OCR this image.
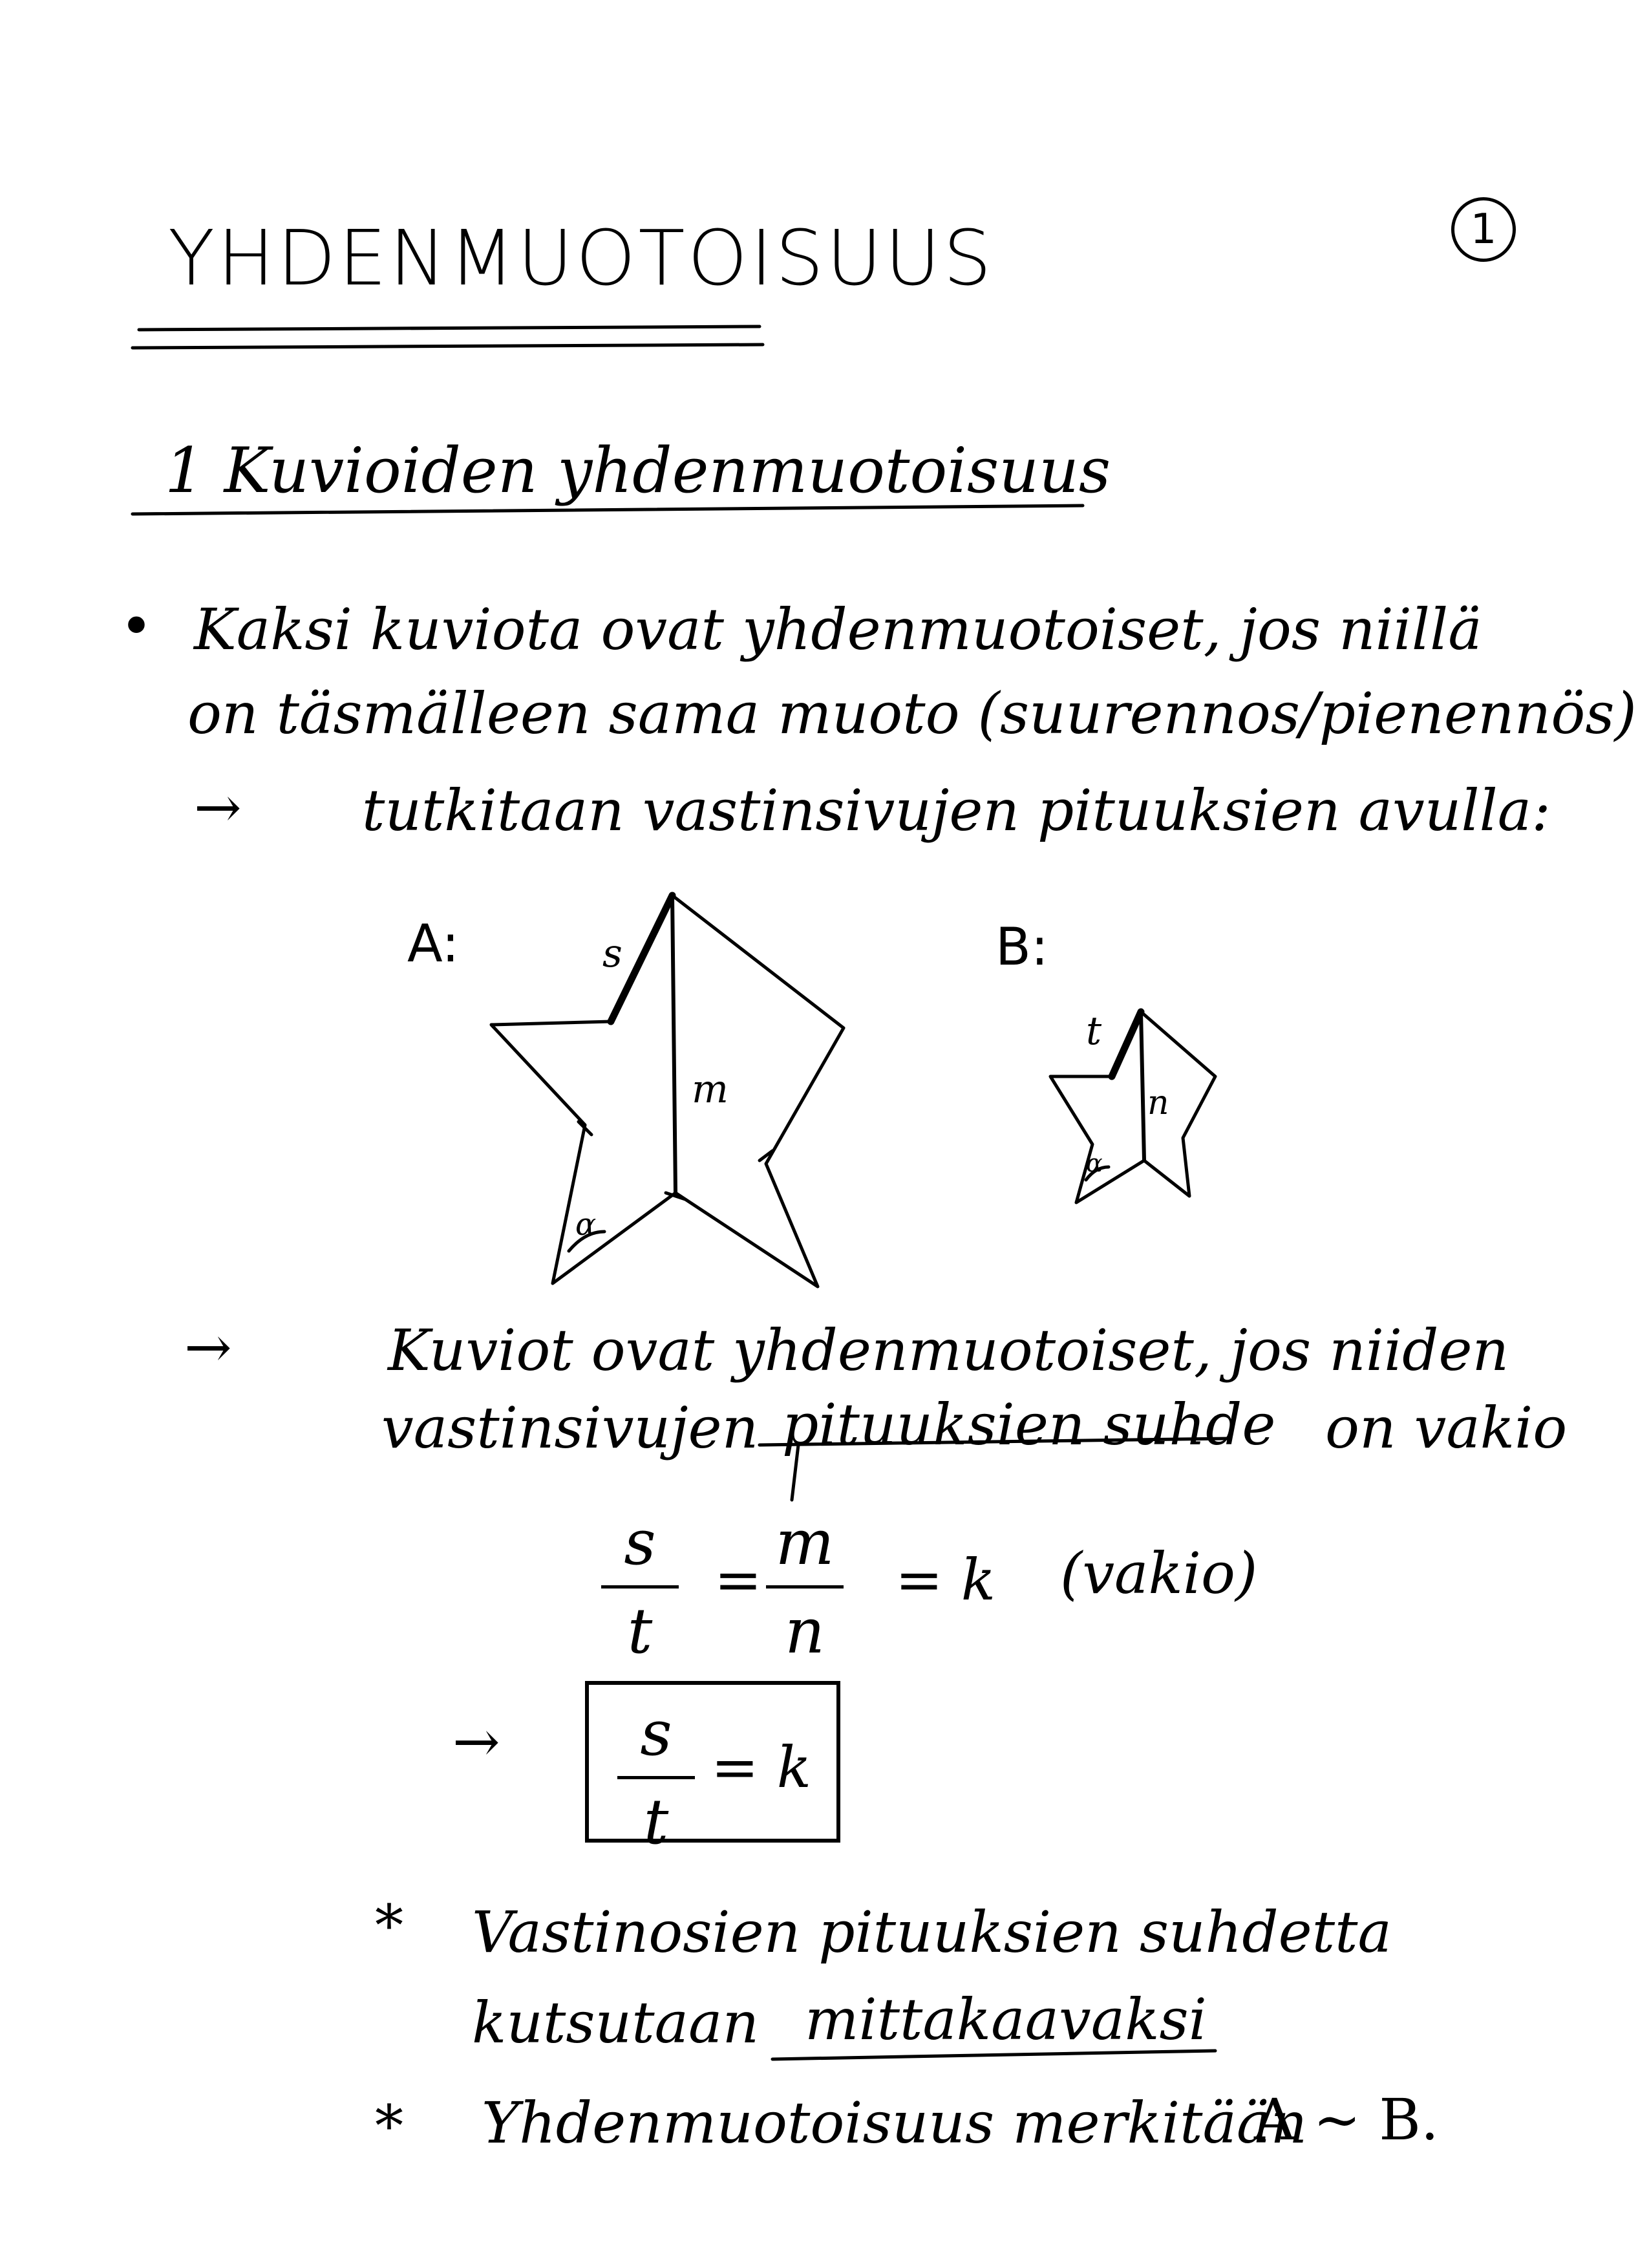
1
YHDENMUOTOISUUS
1 Kuvioiden yhdenmuotoisuus
• Kaksi kuviota ovat yhdenmuotoiset, jos niillä
on täsmälleen sama muoto (suurennos/pienennös)
→ tutkitaan vastinsivujen pituuksien avulla:
A:	B:
s
m
α
t
n
α
→	Kuviot ovat yhdenmuotoiset, jos niiden
vastinsivujen pituuksien suhde on vakio
s
t
=
m
n
= k (vakio)
→ s
t
= k
* Vastinosien pituuksien suhdetta
kutsutaan mittakaavaksi
* Yhdenmuotoisuus merkitään
A ~ B.
